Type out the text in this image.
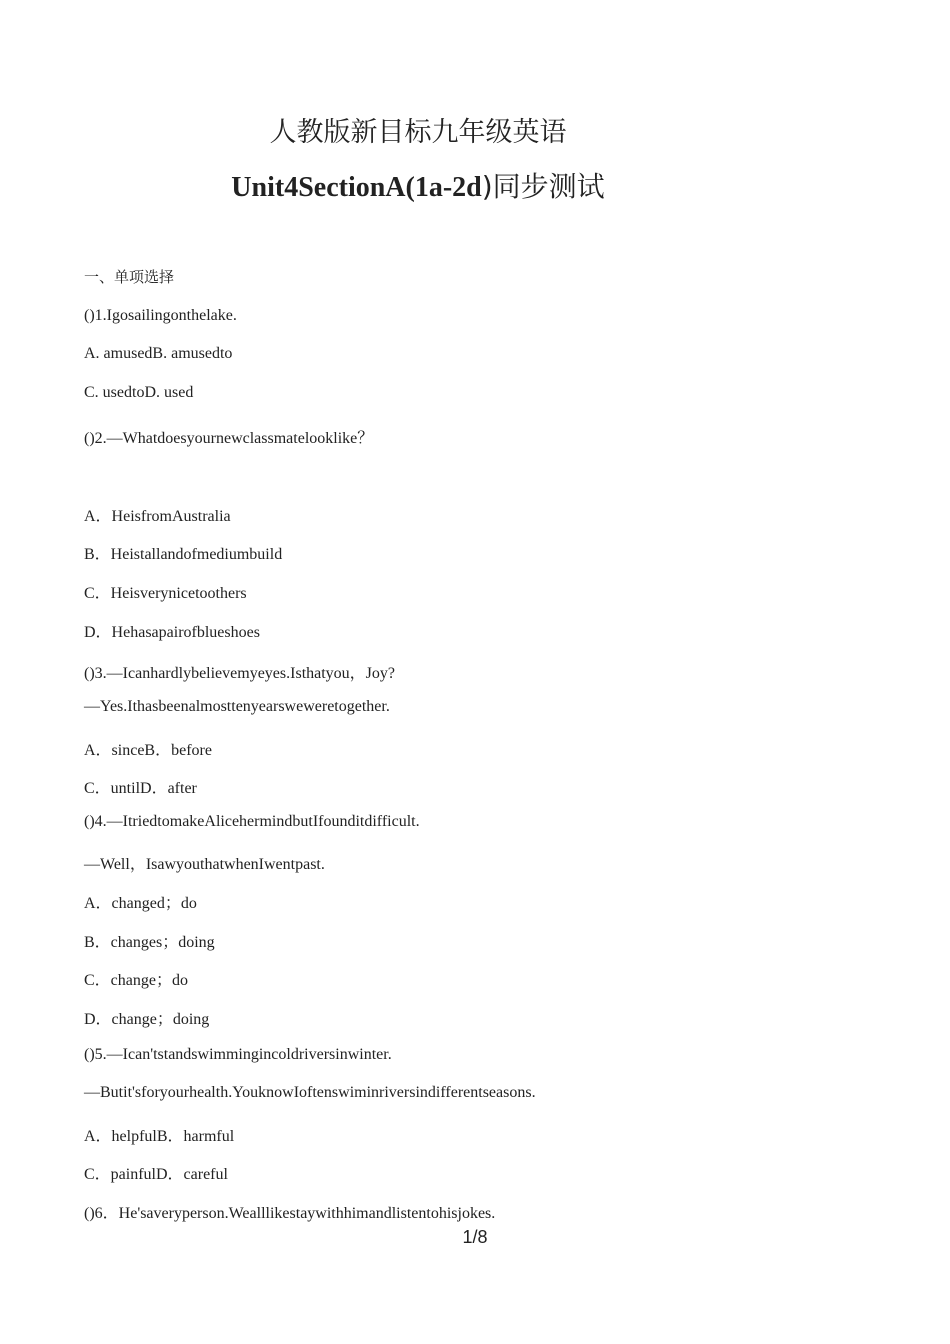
人教版新目标九年级英语
Unit4SectionA(1a-2d)同步测试
一、单项选择
()1.Igosailingonthelake.
A. amusedB. amusedto
C. usedtoD. used
()2.—Whatdoesyournewclassmatelooklike？
A．HeisfromAustralia
B．Heistallandofmediumbuild
C．Heisverynicetoothers
D．Hehasapairofblueshoes
()3.—Icanhardlybelievemyeyes.Isthatyou，Joy?
—Yes.Ithasbeenalmosttenyearsweweretogether.
A．sinceB．before
C．untilD．after
()4.—ItriedtomakeAlicehermindbutIfounditdifficult.
—Well，IsawyouthatwhenIwentpast.
A．changed；do
B．changes；doing
C．change；do
D．change；doing
()5.—Ican'tstandswimmingincoldriversinwinter.
—Butit'sforyourhealth.YouknowIoftenswiminriversindifferentseasons.
A．helpfulB．harmful
C．painfulD．careful
()6．He'saveryperson.Wealllikestaywithhimandlistentohisjokes.
1/8
